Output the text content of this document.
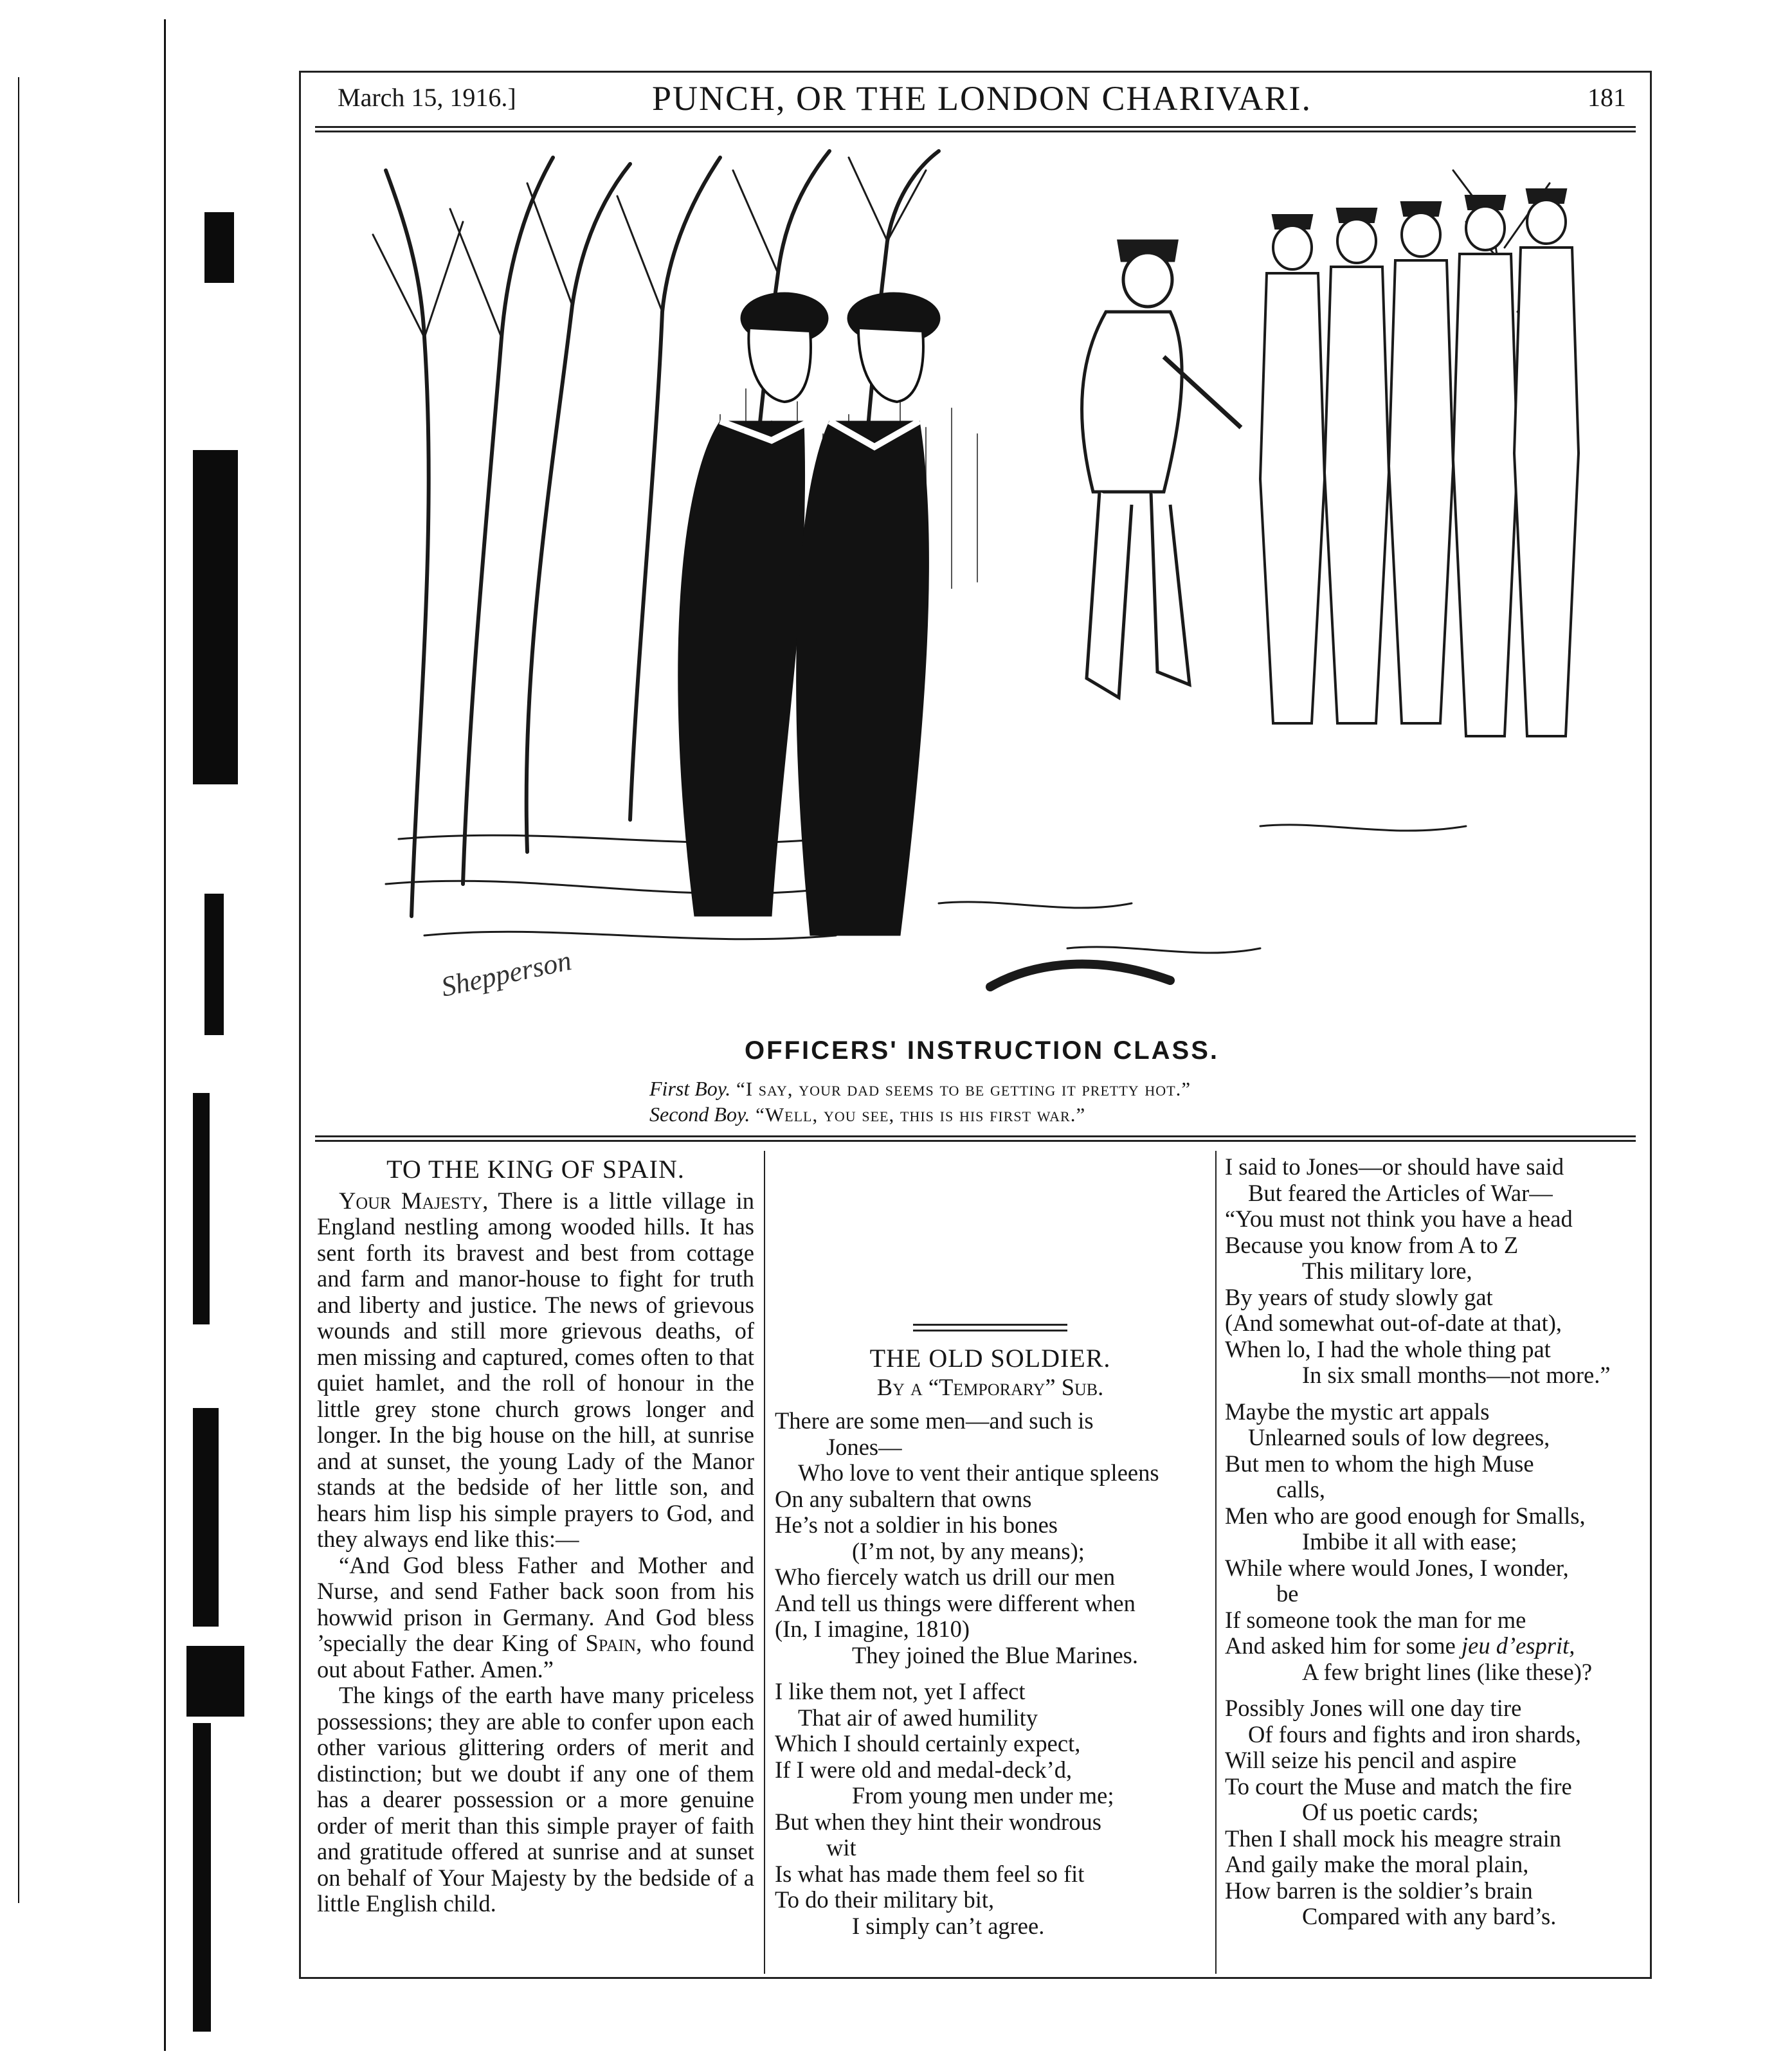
March 15, 1916.]	PUNCH, OR THE LONDON CHARIVARI.	181
Shepperson
OFFICERS' INSTRUCTION CLASS.
First Boy. “I say, your dad seems to be getting it pretty hot.”
Second Boy. “Well, you see, this is his first war.”
TO THE KING OF SPAIN.

Your Majesty, There is a little village in England nestling among wooded hills. It has sent forth its bravest and best from cottage and farm and manor-house to fight for truth and liberty and justice. The news of grievous wounds and still more grievous deaths, of men missing and captured, comes often to that quiet hamlet, and the roll of honour in the little grey stone church grows longer and longer. In the big house on the hill, at sunrise and at sunset, the young Lady of the Manor stands at the bedside of her little son, and hears him lisp his simple prayers to God, and they always end like this:—

“And God bless Father and Mother and Nurse, and send Father back soon from his howwid prison in Germany. And God bless ’specially the dear King of Spain, who found out about Father. Amen.”

The kings of the earth have many priceless possessions; they are able to confer upon each other various glittering orders of merit and distinction; but we doubt if any one of them has a dearer possession or a more genuine order of merit than this simple prayer of faith and gratitude offered at sunrise and at sunset on behalf of Your Majesty by the bedside of a little English child.

THE OLD SOLDIER.
By a “Temporary” Sub.

There are some men—and such is

Jones—

Who love to vent their antique spleens

On any subaltern that owns

He’s not a soldier in his bones

(I’m not, by any means);

Who fiercely watch us drill our men

And tell us things were different when

(In, I imagine, 1810)

They joined the Blue Marines.

I like them not, yet I affect

That air of awed humility

Which I should certainly expect,

If I were old and medal-deck’d,

From young men under me;

But when they hint their wondrous

wit

Is what has made them feel so fit

To do their military bit,

I simply can’t agree.

I said to Jones—or should have said

But feared the Articles of War—

“You must not think you have a head

Because you know from A to Z

This military lore,

By years of study slowly gat

(And somewhat out-of-date at that),

When lo, I had the whole thing pat

In six small months—not more.”

Maybe the mystic art appals

Unlearned souls of low degrees,

But men to whom the high Muse

calls,

Men who are good enough for Smalls,

Imbibe it all with ease;

While where would Jones, I wonder,

be

If someone took the man for me

And asked him for some jeu d’esprit,

A few bright lines (like these)?

Possibly Jones will one day tire

Of fours and fights and iron shards,

Will seize his pencil and aspire

To court the Muse and match the fire

Of us poetic cards;

Then I shall mock his meagre strain

And gaily make the moral plain,

How barren is the soldier’s brain

Compared with any bard’s.
